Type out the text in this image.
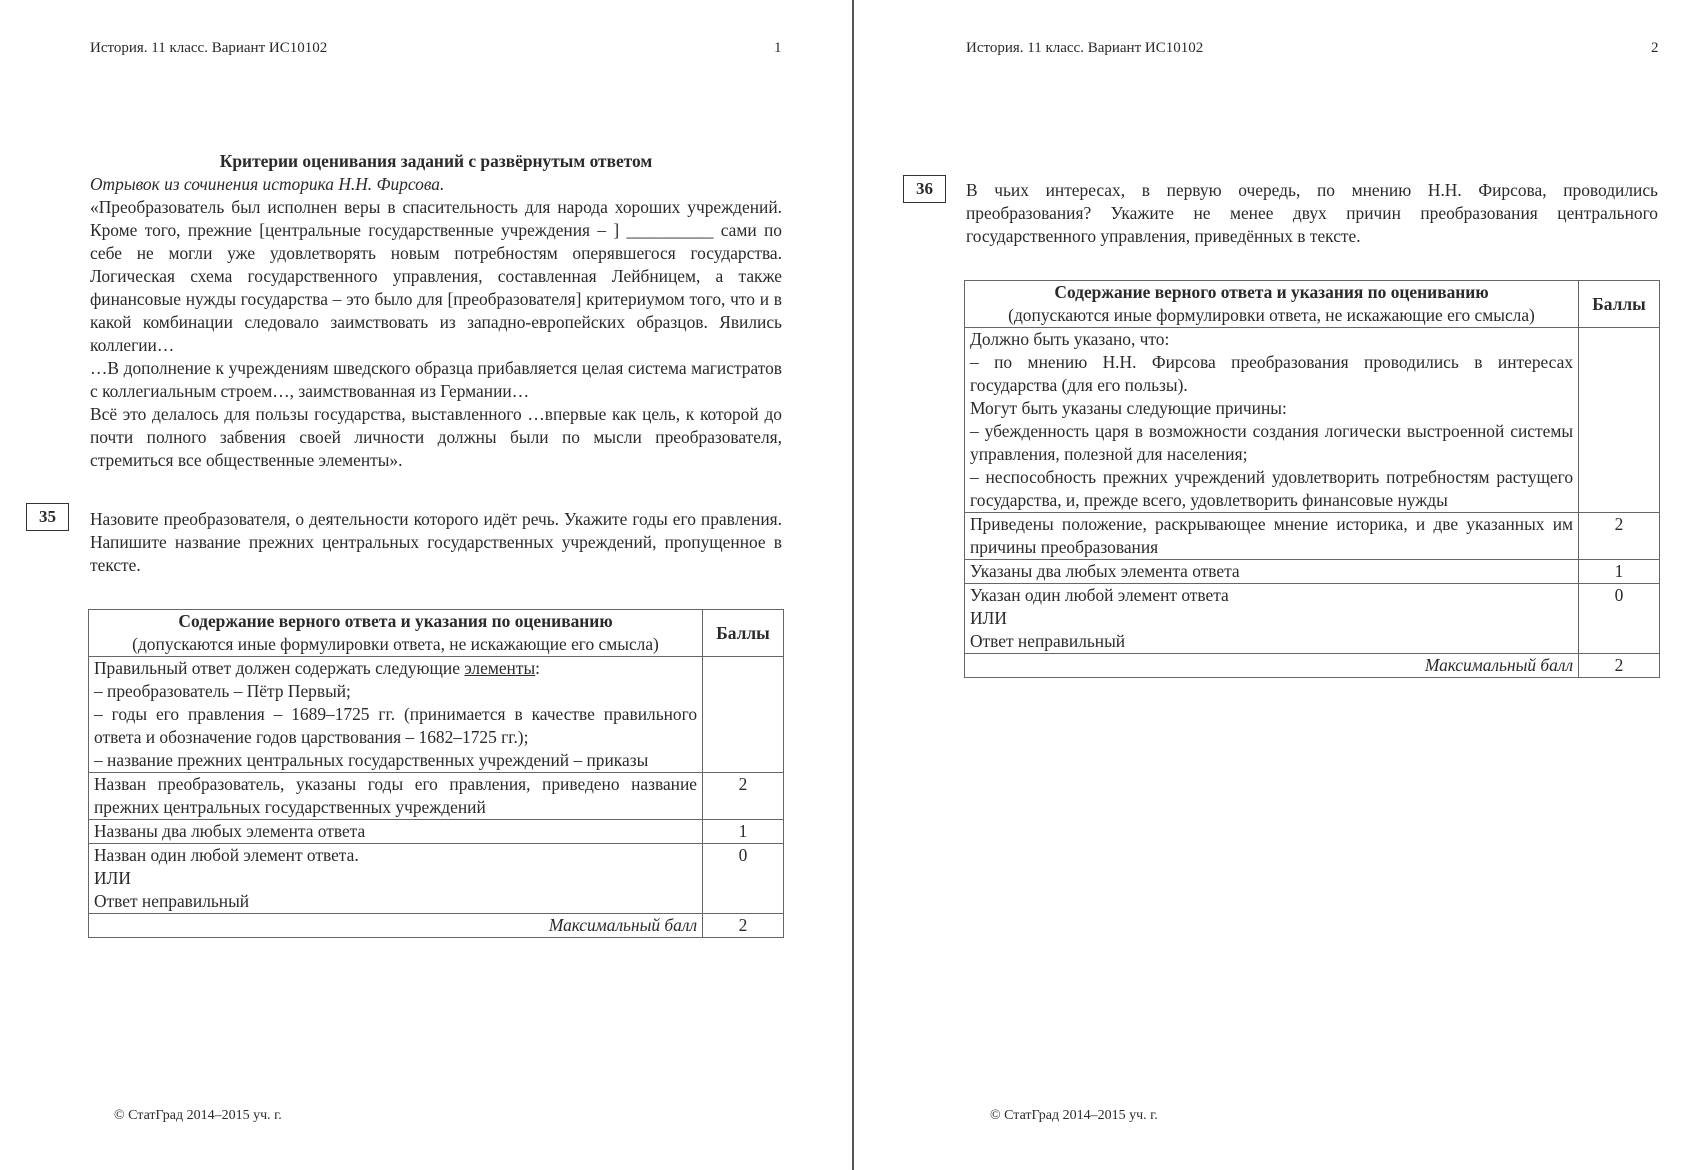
История. 11 класс. Вариант ИС10102	1
Критерии оценивания заданий с развёрнутым ответом
Отрывок из сочинения историка Н.Н. Фирсова.

«Преобразователь был исполнен веры в спасительность для народа хороших учреждений. Кроме того, прежние [центральные государственные учреждения – ] __________ сами по себе не могли уже удовлетворять новым потребностям оперявшегося государства. Логическая схема государственного управления, составленная Лейбницем, а также финансовые нужды государства – это было для [преобразователя] критериумом того, что и в какой комбинации следовало заимствовать из западно-европейских образцов. Явились коллегии…

…В дополнение к учреждениям шведского образца прибавляется целая система магистратов с коллегиальным строем…, заимствованная из Германии…

Всё это делалось для пользы государства, выставленного …впервые как цель, к которой до почти полного забвения своей личности должны были по мысли преобразователя, стремиться все общественные элементы».

35	Назовите преобразователя, о деятельности которого идёт речь. Укажите годы его правления. Напишите название прежних центральных государственных учреждений, пропущенное в тексте.

Содержание верного ответа и указания по оцениванию
(допускаются иные формулировки ответа, не искажающие его смысла)	Баллы

Правильный ответ должен содержать следующие элементы:
– преобразователь – Пётр Первый;
– годы его правления – 1689–1725 гг. (принимается в качестве правильного ответа и обозначение годов царствования – 1682–1725 гг.);
– название прежних центральных государственных учреждений – приказы	

Назван преобразователь, указаны годы его правления, приведено название прежних центральных государственных учреждений	2
Названы два любых элемента ответа	1

Назван один любой элемент ответа.
ИЛИ
Ответ неправильный	0
Максимальный балл	2
© СтатГрад 2014–2015 уч. г.
История. 11 класс. Вариант ИС10102	2
36	В чьих интересах, в первую очередь, по мнению Н.Н. Фирсова, проводились преобразования? Укажите не менее двух причин преобразования центрального государственного управления, приведённых в тексте.

Содержание верного ответа и указания по оцениванию
(допускаются иные формулировки ответа, не искажающие его смысла)	Баллы

Должно быть указано, что:
– по мнению Н.Н. Фирсова преобразования проводились в интересах государства (для его пользы).
Могут быть указаны следующие причины:
– убежденность царя в возможности создания логически выстроенной системы управления, полезной для населения;
– неспособность прежних учреждений удовлетворить потребностям растущего государства, и, прежде всего, удовлетворить финансовые нужды	

Приведены положение, раскрывающее мнение историка, и две указанных им причины преобразования	2
Указаны два любых элемента ответа	1

Указан один любой элемент ответа
ИЛИ
Ответ неправильный	0
Максимальный балл	2
© СтатГрад 2014–2015 уч. г.
